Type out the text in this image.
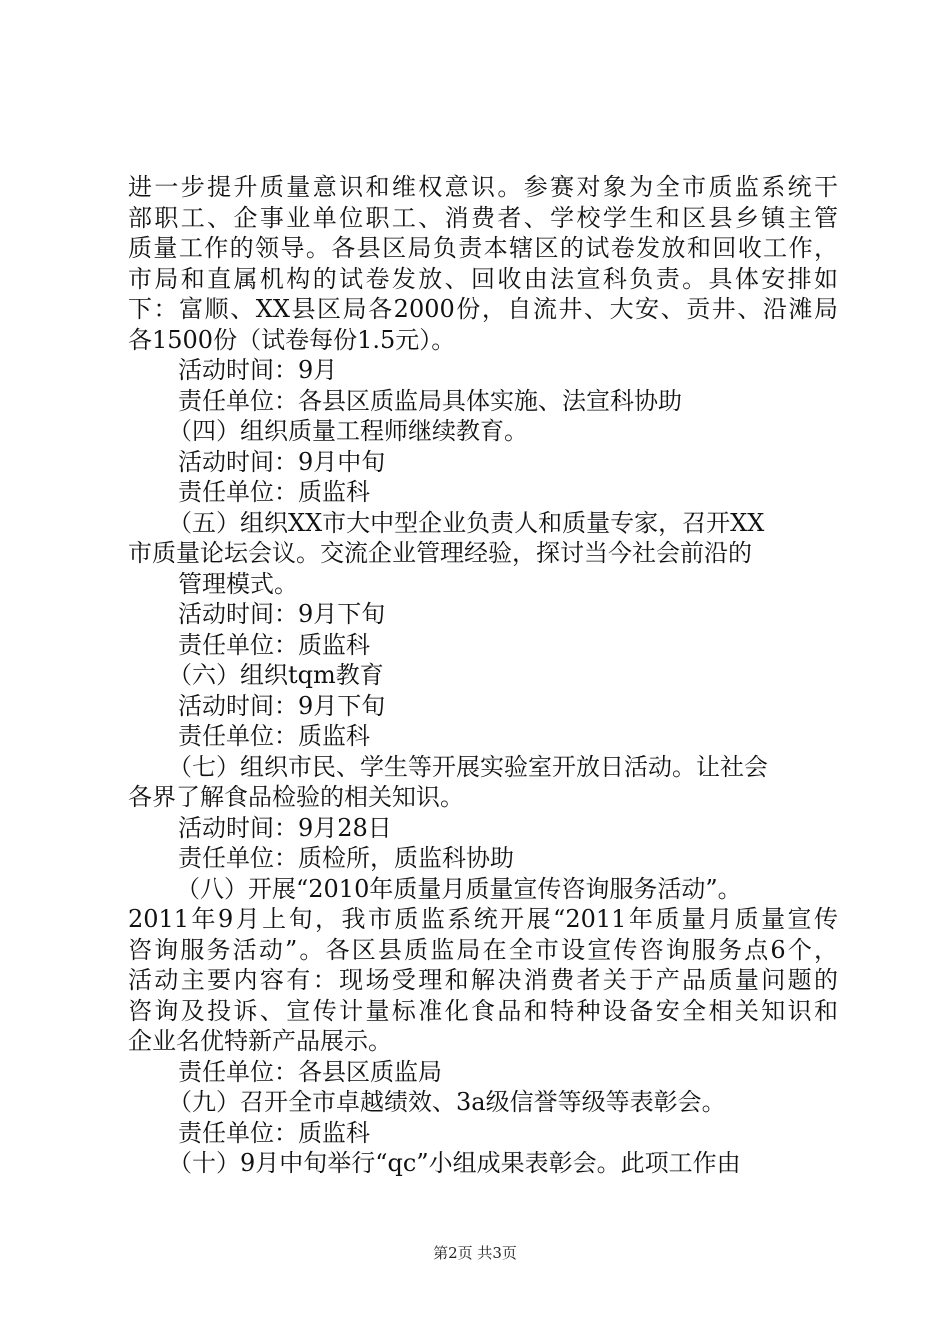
进一步提升质量意识和维权意识。参赛对象为全市质监系统干
部职工、企事业单位职工、消费者、学校学生和区县乡镇主管
质量工作的领导。各县区局负责本辖区的试卷发放和回收工作，
市局和直属机构的试卷发放、回收由法宣科负责。具体安排如
下：富顺、XX县区局各2000份，自流井、大安、贡井、沿滩局
各1500份（试卷每份1.5元）。
活动时间：9月
责任单位：各县区质监局具体实施、法宣科协助
（四）组织质量工程师继续教育。
活动时间：9月中旬
责任单位：质监科
（五）组织XX市大中型企业负责人和质量专家，召开XX
市质量论坛会议。交流企业管理经验，探讨当今社会前沿的
管理模式。
活动时间：9月下旬
责任单位：质监科
（六）组织tqm教育
活动时间：9月下旬
责任单位：质监科
（七）组织市民、学生等开展实验室开放日活动。让社会
各界了解食品检验的相关知识。
活动时间：9月28日
责任单位：质检所，质监科协助
（八）开展“2010年质量月质量宣传咨询服务活动”。
2011年9月上旬，我市质监系统开展“2011年质量月质量宣传
咨询服务活动”。各区县质监局在全市设宣传咨询服务点6个，
活动主要内容有：现场受理和解决消费者关于产品质量问题的
咨询及投诉、宣传计量标准化食品和特种设备安全相关知识和
企业名优特新产品展示。
责任单位：各县区质监局
（九）召开全市卓越绩效、3a级信誉等级等表彰会。
责任单位：质监科
（十）9月中旬举行“qc”小组成果表彰会。此项工作由
第2页 共3页
